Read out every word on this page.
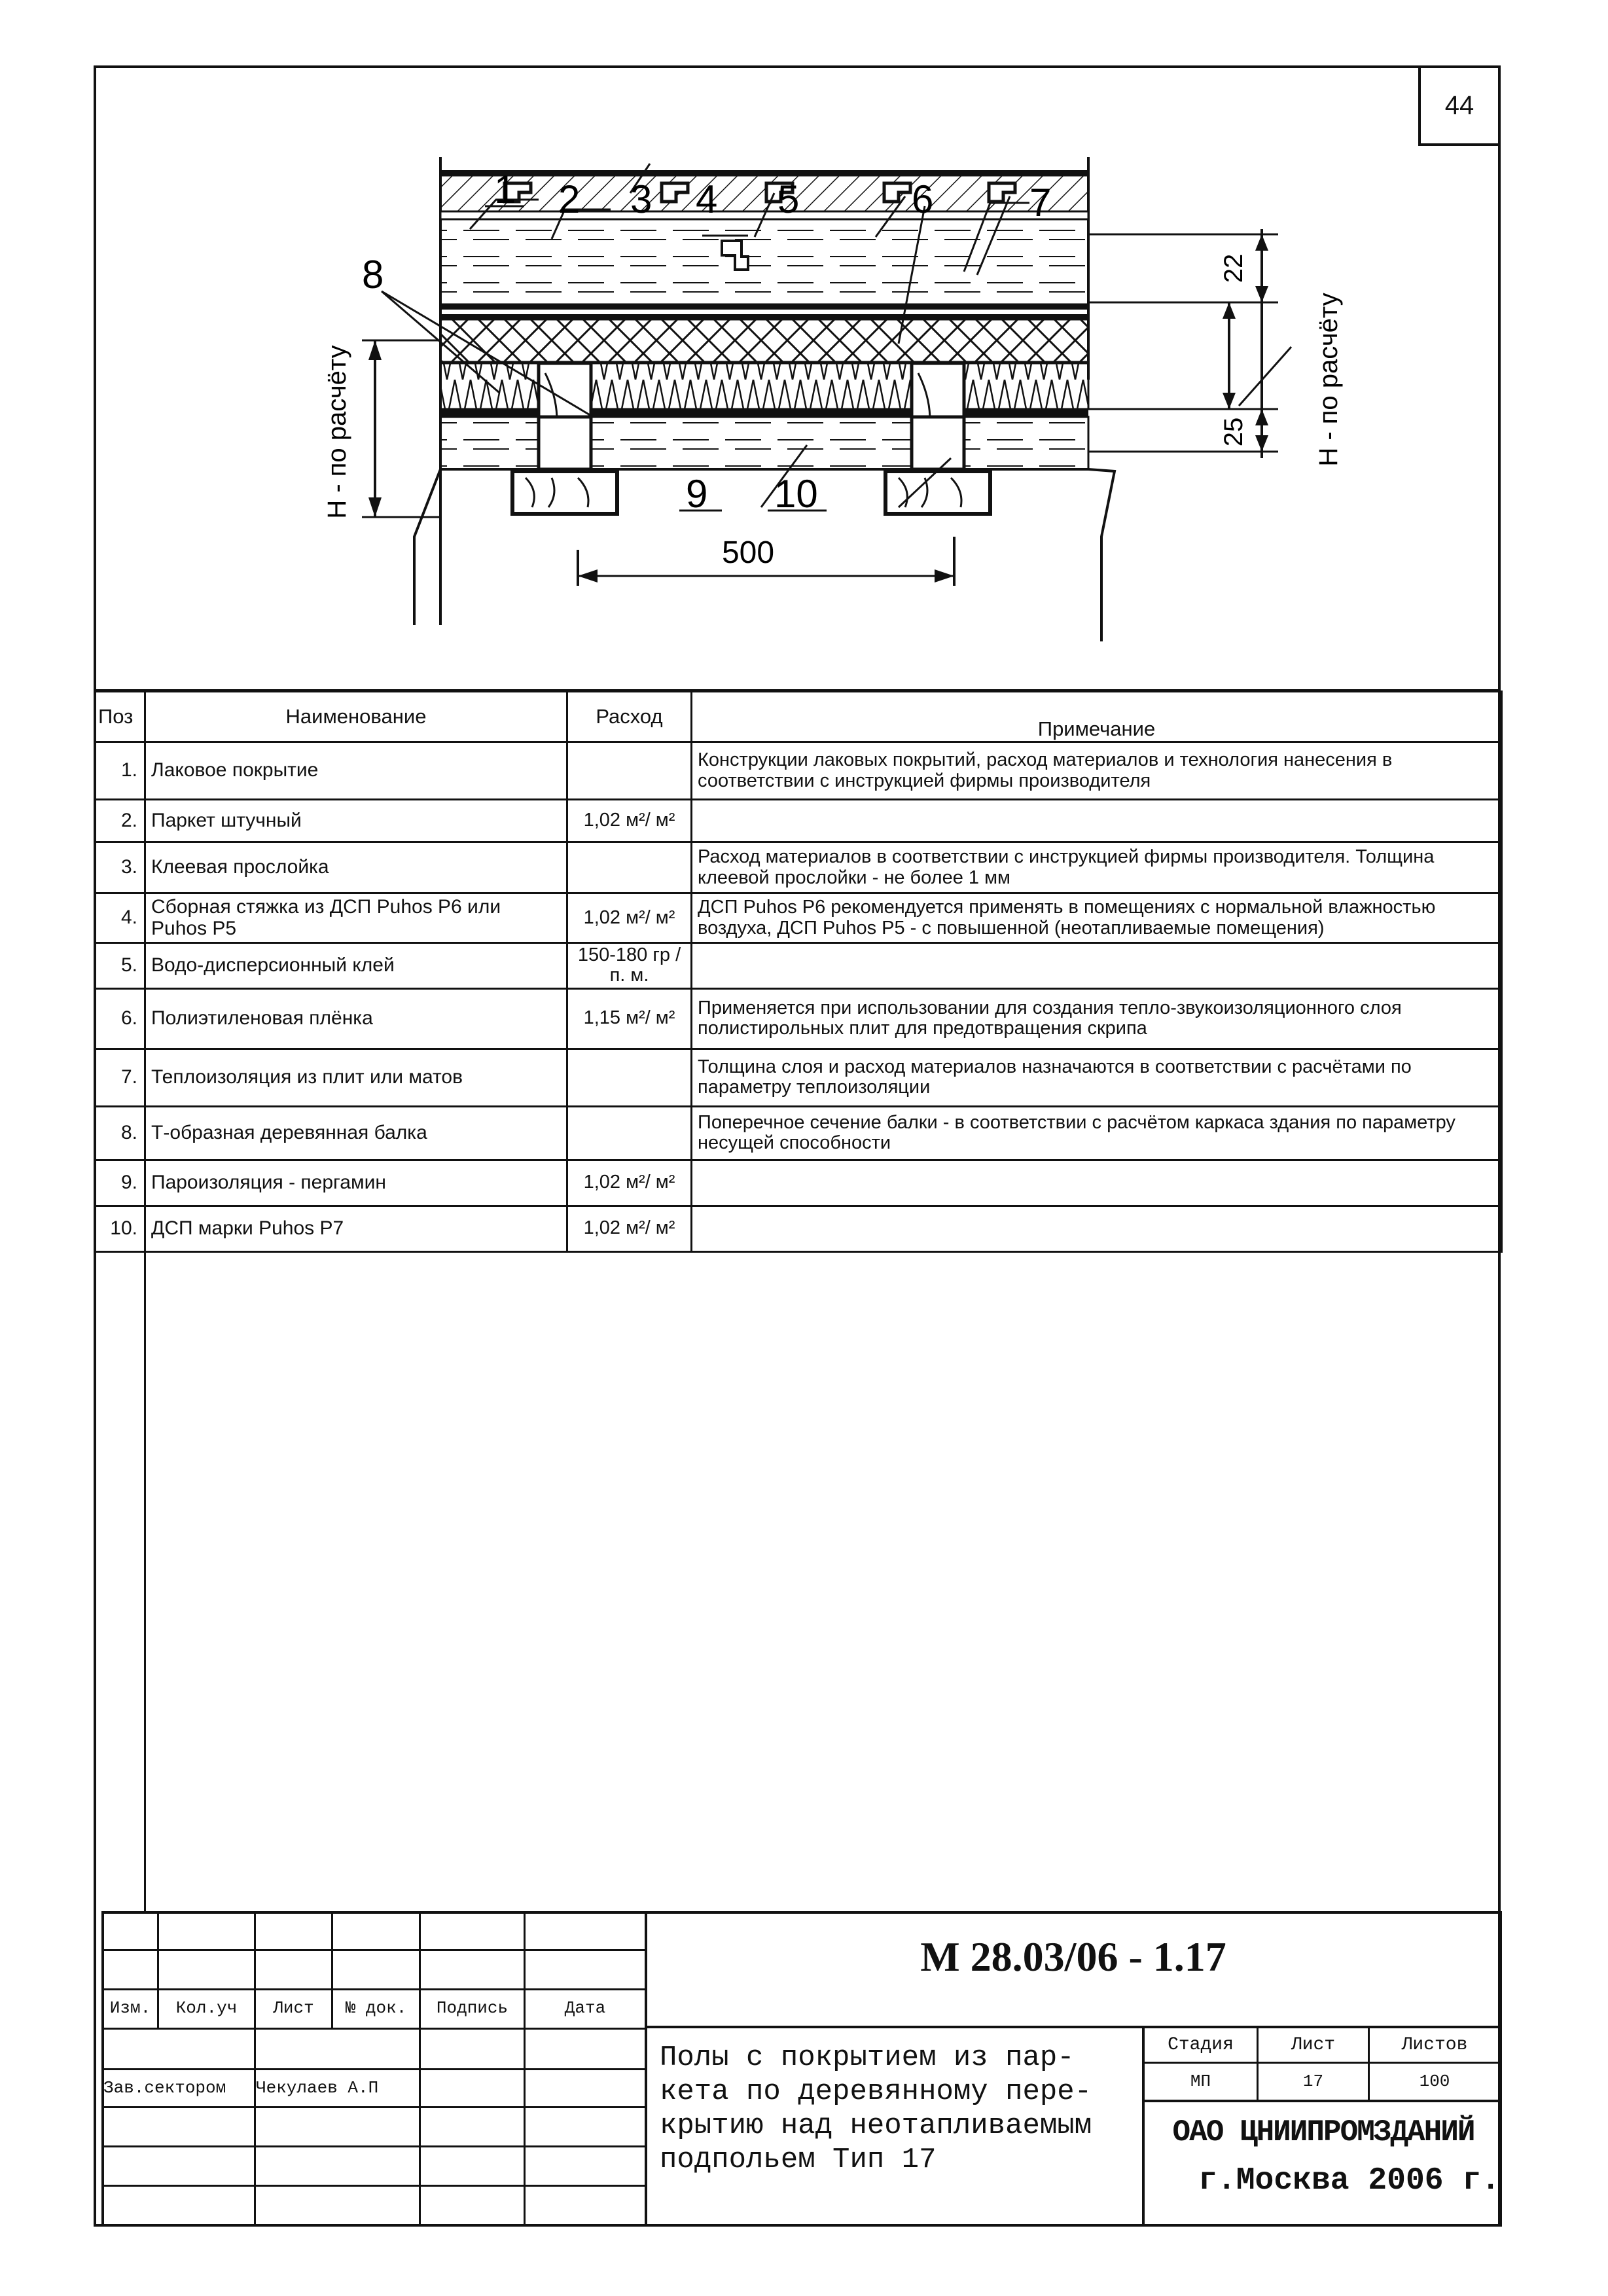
44
500
H - по расчёту
22
25	H - по расчёту
1 2 3 4 5	6 7
8
9 10
Поз	Наименование	Расход	Примечание
1.	Лаковое покрытие		Конструкции лаковых покрытий, расход материалов и технология нанесения в соответствии с инструкцией фирмы производителя
2.	Паркет штучный	1,02 м²/ м²	
3.	Клеевая прослойка		Расход материалов в соответствии с инструкцией фирмы производителя. Толщина клеевой прослойки - не более 1 мм
4.	Сборная стяжка из ДСП Puhos P6 или Puhos P5	1,02 м²/ м²	ДСП Puhos P6 рекомендуется применять в помещениях с нормальной влажностью воздуха, ДСП Puhos P5 - с повышенной (неотапливаемые помещения)
5.	Водо-дисперсионный клей	150-180 гр /п. м.	
6.	Полиэтиленовая плёнка	1,15 м²/ м²	Применяется при использовании для создания тепло-звукоизоляционного слоя полистирольных плит для предотвращения скрипа
7.	Теплоизоляция из плит или матов		Толщина слоя и расход материалов назначаются в соответствии с расчётами по параметру теплоизоляции
8.	Т-образная деревянная балка		Поперечное сечение балки - в соответствии с расчётом каркаса здания по параметру несущей способности
9.	Пароизоляция - пергамин	1,02 м²/ м²	
10.	ДСП марки Puhos P7	1,02 м²/ м²	
М 28.03/06 - 1.17
Изм.	Кол.уч	Лист	№ док.	Подпись	Дата
Зав.сектором	Чекулаев А.П
Полы с покрытием из пар-
кета по деревянному пере-
крытию над неотапливаемым
подпольем Тип 17
Стадия	Лист	Листов
МП	17	100
ОАО ЦНИИПРОМЗДАНИЙ
г.Москва 2006 г.
